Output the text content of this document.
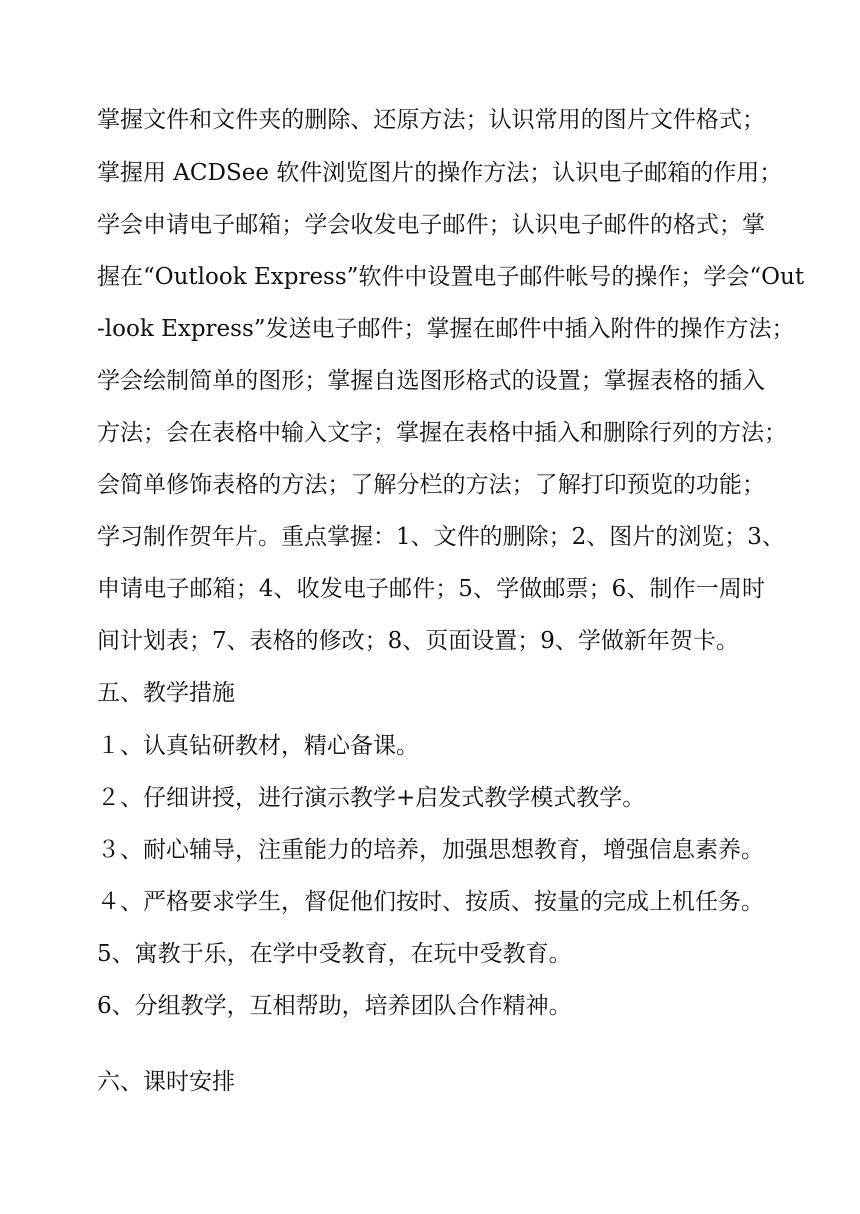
掌握文件和文件夹的删除、还原方法；认识常用的图片文件格式；
掌握用 ACDSee 软件浏览图片的操作方法；认识电子邮箱的作用；
学会申请电子邮箱；学会收发电子邮件；认识电子邮件的格式；掌
握在“Outlook Express”软件中设置电子邮件帐号的操作；学会“Out
-look Express”发送电子邮件；掌握在邮件中插入附件的操作方法；
学会绘制简单的图形；掌握自选图形格式的设置；掌握表格的插入
方法；会在表格中输入文字；掌握在表格中插入和删除行列的方法；
会简单修饰表格的方法；了解分栏的方法；了解打印预览的功能；
学习制作贺年片。重点掌握：1、文件的删除；2、图片的浏览；3、
申请电子邮箱；4、收发电子邮件；5、学做邮票；6、制作一周时
间计划表；7、表格的修改；8、页面设置；9、学做新年贺卡。
五、教学措施
１、认真钻研教材，精心备课。
２、仔细讲授，进行演示教学+启发式教学模式教学。
３、耐心辅导，注重能力的培养，加强思想教育，增强信息素养。
４、严格要求学生，督促他们按时、按质、按量的完成上机任务。
5、寓教于乐，在学中受教育，在玩中受教育。
6、分组教学，互相帮助，培养团队合作精神。
六、课时安排
